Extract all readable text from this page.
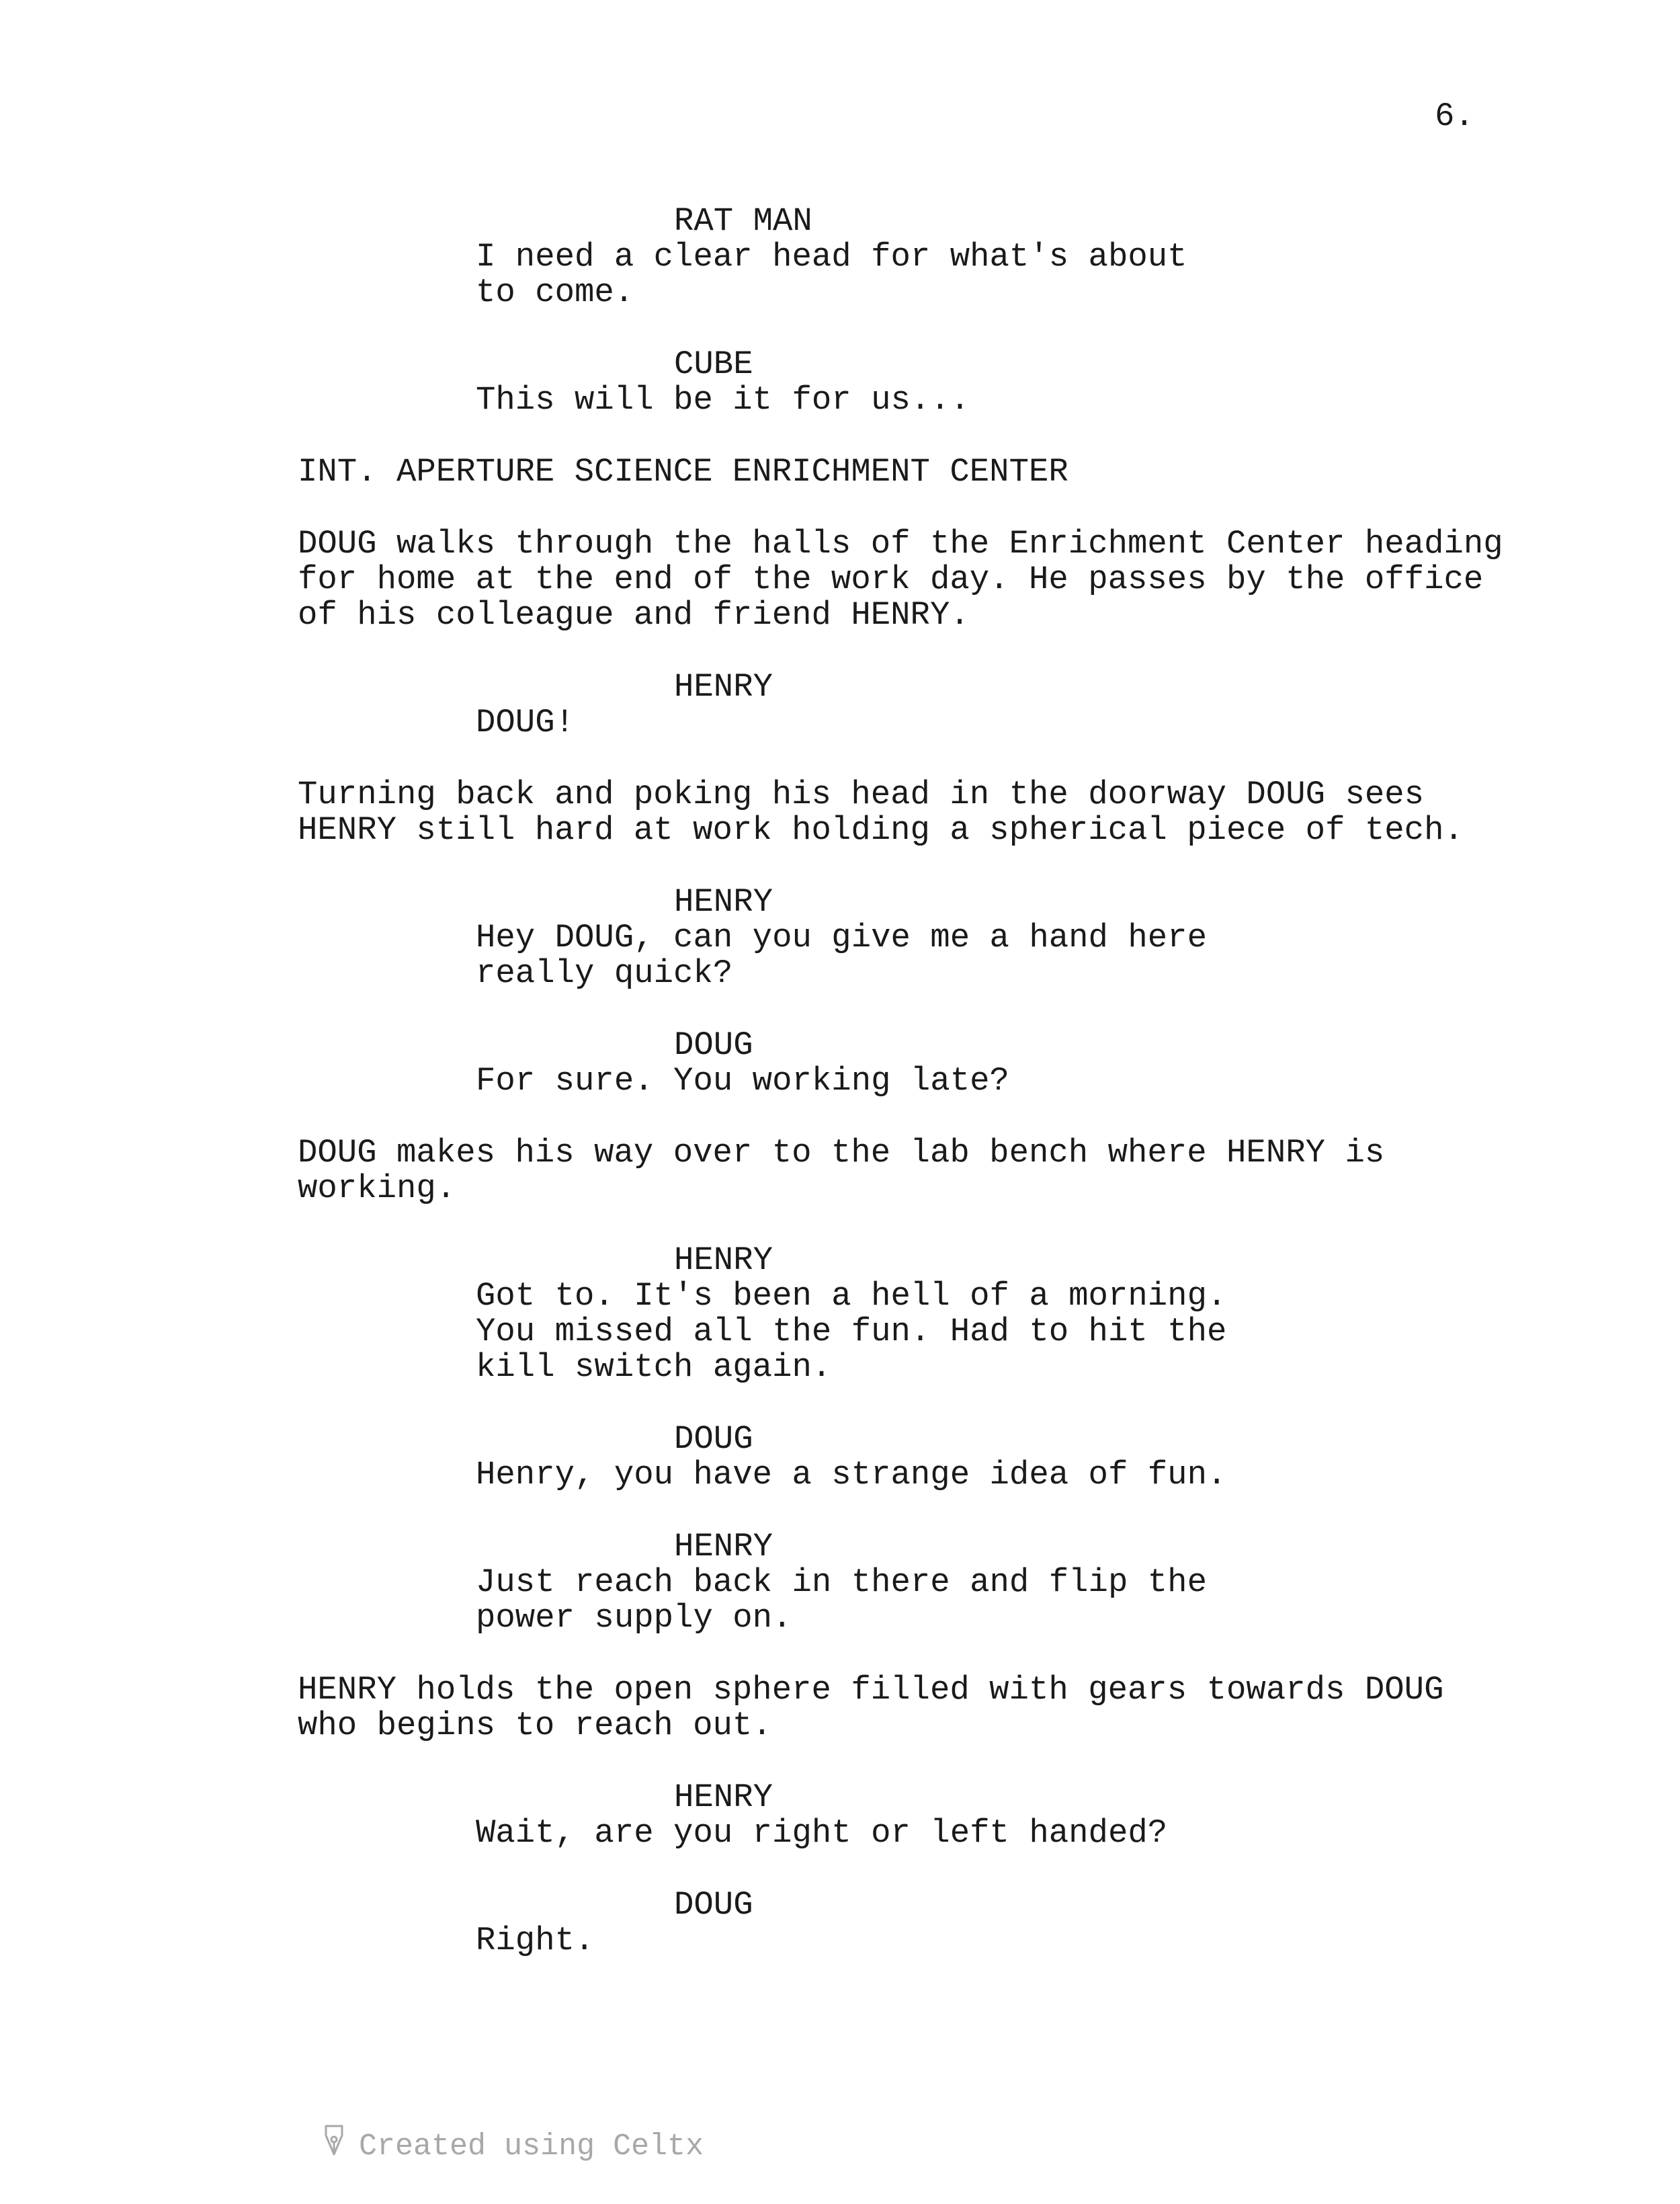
6.
RAT MAN
I need a clear head for what's about
to come.
CUBE
This will be it for us...
INT. APERTURE SCIENCE ENRICHMENT CENTER
DOUG walks through the halls of the Enrichment Center heading
for home at the end of the work day. He passes by the office
of his colleague and friend HENRY.
HENRY
DOUG!
Turning back and poking his head in the doorway DOUG sees
HENRY still hard at work holding a spherical piece of tech.
HENRY
Hey DOUG, can you give me a hand here
really quick?
DOUG
For sure. You working late?
DOUG makes his way over to the lab bench where HENRY is
working.
HENRY
Got to. It's been a hell of a morning.
You missed all the fun. Had to hit the
kill switch again.
DOUG
Henry, you have a strange idea of fun.
HENRY
Just reach back in there and flip the
power supply on.
HENRY holds the open sphere filled with gears towards DOUG
who begins to reach out.
HENRY
Wait, are you right or left handed?
DOUG
Right.

Created using Celtx
